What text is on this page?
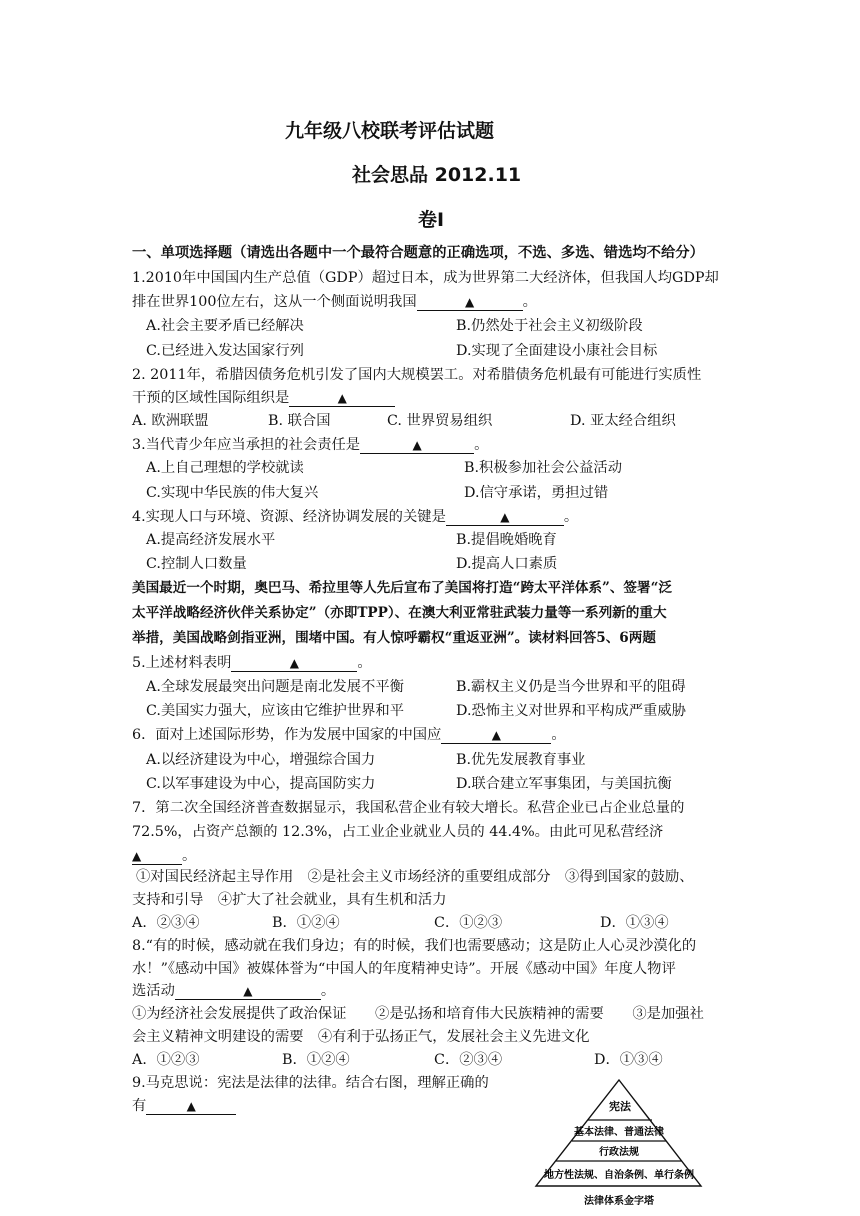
九年级八校联考评估试题
社会思品 2012.11
卷Ⅰ
一、单项选择题（请选出各题中一个最符合题意的正确选项，不选、多选、错选均不给分）
1.2010年中国国内生产总值（GDP）超过日本，成为世界第二大经济体，但我国人均GDP却
排在世界100位左右，这从一个侧面说明我国	▲	。
A.社会主要矛盾已经解决	B.仍然处于社会主义初级阶段
C.已经进入发达国家行列	D.实现了全面建设小康社会目标
2. 2011年，希腊因债务危机引发了国内大规模罢工。对希腊债务危机最有可能进行实质性
干预的区域性国际组织是	▲
A. 欧洲联盟	B. 联合国	C. 世界贸易组织	D. 亚太经合组织
3.当代青少年应当承担的社会责任是	▲	。
A.上自己理想的学校就读	B.积极参加社会公益活动
C.实现中华民族的伟大复兴	D.信守承诺，勇担过错
4.实现人口与环境、资源、经济协调发展的关键是	▲	。
A.提高经济发展水平	B.提倡晚婚晚育
C.控制人口数量	D.提高人口素质
美国最近一个时期，奥巴马、希拉里等人先后宣布了美国将打造“跨太平洋体系”、签署“泛
太平洋战略经济伙伴关系协定”（亦即TPP）、在澳大利亚常驻武装力量等一系列新的重大
举措，美国战略剑指亚洲，围堵中国。有人惊呼霸权“重返亚洲”。读材料回答5、6两题
5.上述材料表明	▲	。
A.全球发展最突出问题是南北发展不平衡	B.霸权主义仍是当今世界和平的阻碍
C.美国实力强大，应该由它维护世界和平	D.恐怖主义对世界和平构成严重威胁
6．面对上述国际形势，作为发展中国家的中国应	▲	。
A.以经济建设为中心，增强综合国力	B.优先发展教育事业
C.以军事建设为中心，提高国防实力	D.联合建立军事集团，与美国抗衡
7．第二次全国经济普查数据显示，我国私营企业有较大增长。私营企业已占企业总量的
72.5%，占资产总额的 12.3%，占工业企业就业人员的 44.4%。由此可见私营经济
▲	。
①对国民经济起主导作用　②是社会主义市场经济的重要组成部分　③得到国家的鼓励、
支持和引导　④扩大了社会就业，具有生机和活力
A．②③④	B．①②④	C．①②③	D．①③④
8.“有的时候，感动就在我们身边；有的时候，我们也需要感动；这是防止人心灵沙漠化的
水！”《感动中国》被媒体誉为“中国人的年度精神史诗”。开展《感动中国》年度人物评
选活动	▲	。
①为经济社会发展提供了政治保证　　②是弘扬和培育伟大民族精神的需要　　③是加强社
会主义精神文明建设的需要　④有利于弘扬正气，发展社会主义先进文化
A．①②③	B．①②④	C．②③④	D．①③④
9.马克思说：宪法是法律的法律。结合右图，理解正确的
有	▲	宪法
基本法律、普通法律
行政法规
地方性法规、自治条例、单行条例
法律体系金字塔
